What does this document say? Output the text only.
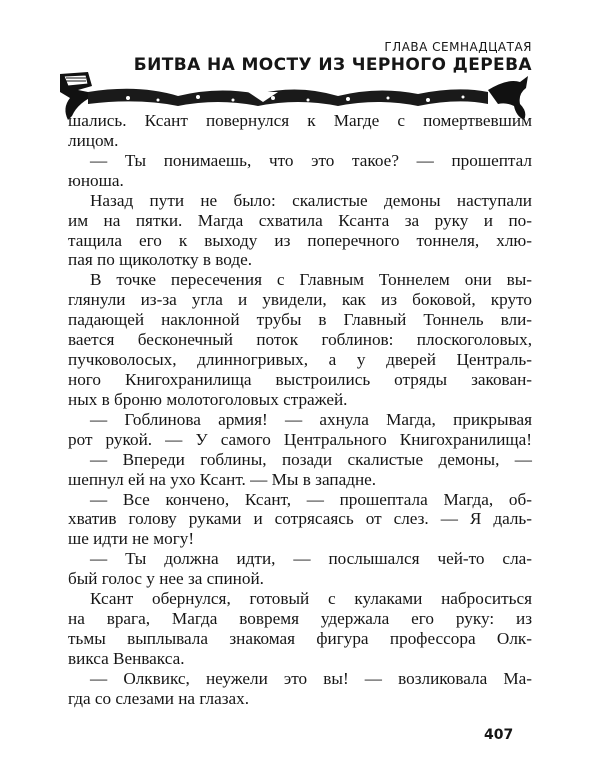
ГЛАВА СЕМНАДЦАТАЯ
БИТВА НА МОСТУ ИЗ ЧЕРНОГО ДЕРЕВА
шались. Ксант повернулся к Магде с помертвевшим
лицом.
— Ты понимаешь, что это такое? — прошептал
юноша.
Назад пути не было: скалистые демоны наступали
им на пятки. Магда схватила Ксанта за руку и по-
тащила его к выходу из поперечного тоннеля, хлю-
пая по щиколотку в воде.
В точке пересечения с Главным Тоннелем они вы-
глянули из-за угла и увидели, как из боковой, круто
падающей наклонной трубы в Главный Тоннель вли-
вается бесконечный поток гоблинов: плоскоголовых,
пучковолосых, длинногривых, а у дверей Централь-
ного Книгохранилища выстроились отряды закован-
ных в броню молотоголовых стражей.
— Гоблинова армия! — ахнула Магда, прикрывая
рот рукой. — У самого Центрального Книгохранилища!
— Впереди гоблины, позади скалистые демоны, —
шепнул ей на ухо Ксант. — Мы в западне.
— Все кончено, Ксант, — прошептала Магда, об-
хватив голову руками и сотрясаясь от слез. — Я даль-
ше идти не могу!
— Ты должна идти, — послышался чей-то сла-
бый голос у нее за спиной.
Ксант обернулся, готовый с кулаками наброситься
на врага, Магда вовремя удержала его руку: из
тьмы выплывала знакомая фигура профессора Олк-
викса Венвакса.
— Олквикс, неужели это вы! — возликовала Ма-
гда со слезами на глазах.
407
